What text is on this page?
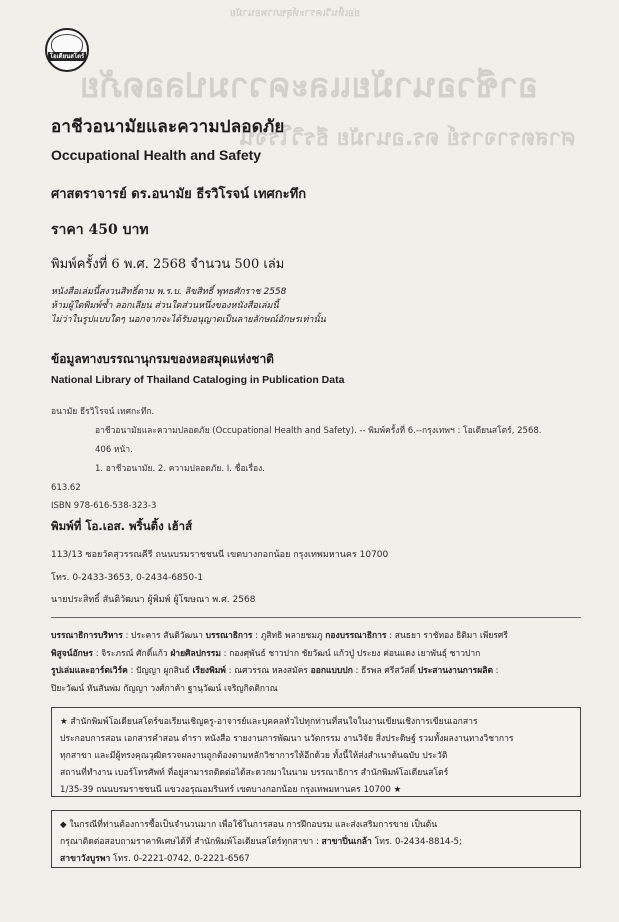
ย่อเห็นวิเคราะห์สุขภาพอนามัย
อาชีวอนามัยและความปลอดภัย
ศาสตราจารย์ ดร.อนามัย ธีรวิโรจน์
โอเดียนสโตร์
อาชีวอนามัยและความปลอดภัย
Occupational Health and Safety
ศาสตราจารย์ ดร.อนามัย ธีรวิโรจน์ เทศกะทึก
ราคา 450 บาท
พิมพ์ครั้งที่ 6 พ.ศ. 2568 จำนวน 500 เล่ม
หนังสือเล่มนี้สงวนสิทธิ์ตาม พ.ร.บ. ลิขสิทธิ์ พุทธศักราช 2558
ห้ามผู้ใดพิมพ์ซ้ำ ลอกเลียน ส่วนใดส่วนหนึ่งของหนังสือเล่มนี้
ไม่ว่าในรูปแบบใดๆ นอกจากจะได้รับอนุญาตเป็นลายลักษณ์อักษรเท่านั้น
ข้อมูลทางบรรณานุกรมของหอสมุดแห่งชาติ
National Library of Thailand Cataloging in Publication Data
อนามัย ธีรวิโรจน์ เทศกะทึก.
อาชีวอนามัยและความปลอดภัย (Occupational Health and Safety). -- พิมพ์ครั้งที่ 6.--กรุงเทพฯ : โอเดียนสโตร์, 2568.
406 หน้า.
1. อาชีวอนามัย. 2. ความปลอดภัย. I. ชื่อเรื่อง.
613.62
ISBN 978-616-538-323-3
พิมพ์ที่ โอ.เอส. พริ้นติ้ง เฮ้าส์
113/13 ซอยวัดสุวรรณคีรี ถนนบรมราชชนนี เขตบางกอกน้อย กรุงเทพมหานคร 10700
โทร. 0-2433-3653, 0-2434-6850-1
นายประสิทธิ์ สันติวัฒนา ผู้พิมพ์ ผู้โฆษณา พ.ศ. 2568
บรรณาธิการบริหาร : ประคาร สันติวัฒนา บรรณาธิการ : ภูสิทธิ พลายชมภู กองบรรณาธิการ : สนธยา ราชัทอง ธิติมา เพียรศรี
พิสูจน์อักษร : จิระภรณ์ ศักดิ์แก้ว ฝ่ายศิลปกรรม : กองศุพันธ์ ชาวปาก ชัยวัฒน์ แก้วปู่ ประยง ค่อนแดง เยาพันธุ์ ชาวปาก
รูปเล่มและอาร์ตเวิร์ค : ปัญญา ผูกสินธ์ เรียงพิมพ์ : ณศวรรณ หลงสมัคร ออกแบบปก : ธีรพล ศรีสวัสดิ์ ประสานงานการผลิต :
ปิยะวัฒน์ หันสันพ่ม กัญญา วงศ์กาค้า ฐานุวัฒน์ เจริญกิตติกาณ
★ สำนักพิมพ์โอเดียนสโตร์ขอเรียนเชิญครู-อาจารย์และบุคคลทั่วไปทุกท่านที่สนใจในงานเขียนเชิงการเขียนเอกสาร
ประกอบการสอน เอกสารคำสอน ตำรา หนังสือ รายงานการพัฒนา นวัตกรรม งานวิจัย สิ่งประดิษฐ์ รวมทั้งผลงานทางวิชาการ
ทุกสาขา และมีผู้ทรงคุณวุฒิตรวจผลงานถูกต้องตามหลักวิชาการให้อีกด้วย ทั้งนี้ให้ส่งสำเนาต้นฉบับ ประวัติ
สถานที่ทำงาน เบอร์โทรศัพท์ ที่อยู่สามารถติดต่อได้สะดวกมาในนาม บรรณาธิการ สำนักพิมพ์โอเดียนสโตร์
1/35-39 ถนนบรมราชชนนี แขวงอรุณอมรินทร์ เขตบางกอกน้อย กรุงเทพมหานคร 10700 ★
◆ ในกรณีที่ท่านต้องการซื้อเป็นจำนวนมาก เพื่อใช้ในการสอน การฝึกอบรม และส่งเสริมการขาย เป็นต้น
กรุณาติดต่อสอบถามราคาพิเศษได้ที่ สำนักพิมพ์โอเดียนสโตร์ทุกสาขา : สาขาปิ่นเกล้า โทร. 0-2434-8814-5;
สาขาวังบูรพา โทร. 0-2221-0742, 0-2221-6567
